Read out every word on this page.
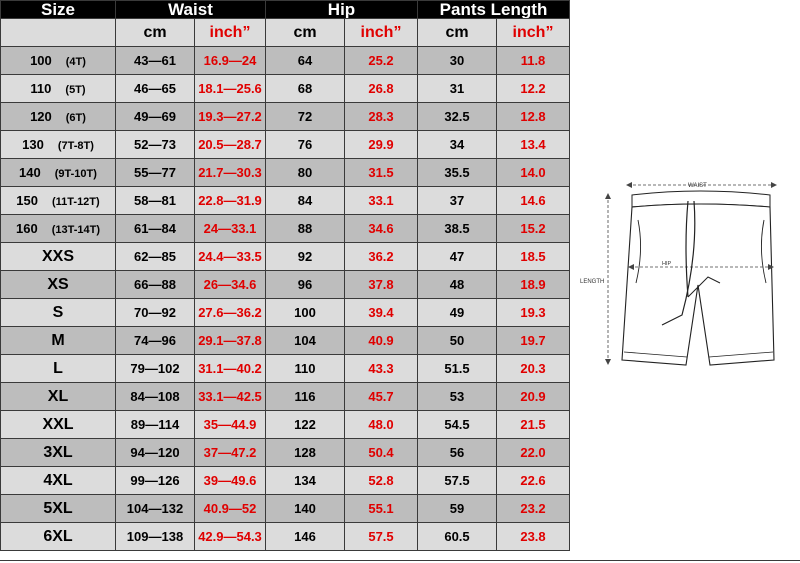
Size	Waist		Hip		Pants Length	
	cm	inch”	cm	inch”	cm	inch”
100 (4T)	43—61	16.9—24	64	25.2	30	11.8
110 (5T)	46—65	18.1—25.6	68	26.8	31	12.2
120 (6T)	49—69	19.3—27.2	72	28.3	32.5	12.8
130 (7T-8T)	52—73	20.5—28.7	76	29.9	34	13.4
140 (9T-10T)	55—77	21.7—30.3	80	31.5	35.5	14.0
150 (11T-12T)	58—81	22.8—31.9	84	33.1	37	14.6
160 (13T-14T)	61—84	24—33.1	88	34.6	38.5	15.2
XXS	62—85	24.4—33.5	92	36.2	47	18.5
XS	66—88	26—34.6	96	37.8	48	18.9
S	70—92	27.6—36.2	100	39.4	49	19.3
M	74—96	29.1—37.8	104	40.9	50	19.7
L	79—102	31.1—40.2	110	43.3	51.5	20.3
XL	84—108	33.1—42.5	116	45.7	53	20.9
XXL	89—114	35—44.9	122	48.0	54.5	21.5
3XL	94—120	37—47.2	128	50.4	56	22.0
4XL	99—126	39—49.6	134	52.8	57.5	22.6
5XL	104—132	40.9—52	140	55.1	59	23.2
6XL	109—138	42.9—54.3	146	57.5	60.5	23.8
WAIST
LENGTH
HIP
